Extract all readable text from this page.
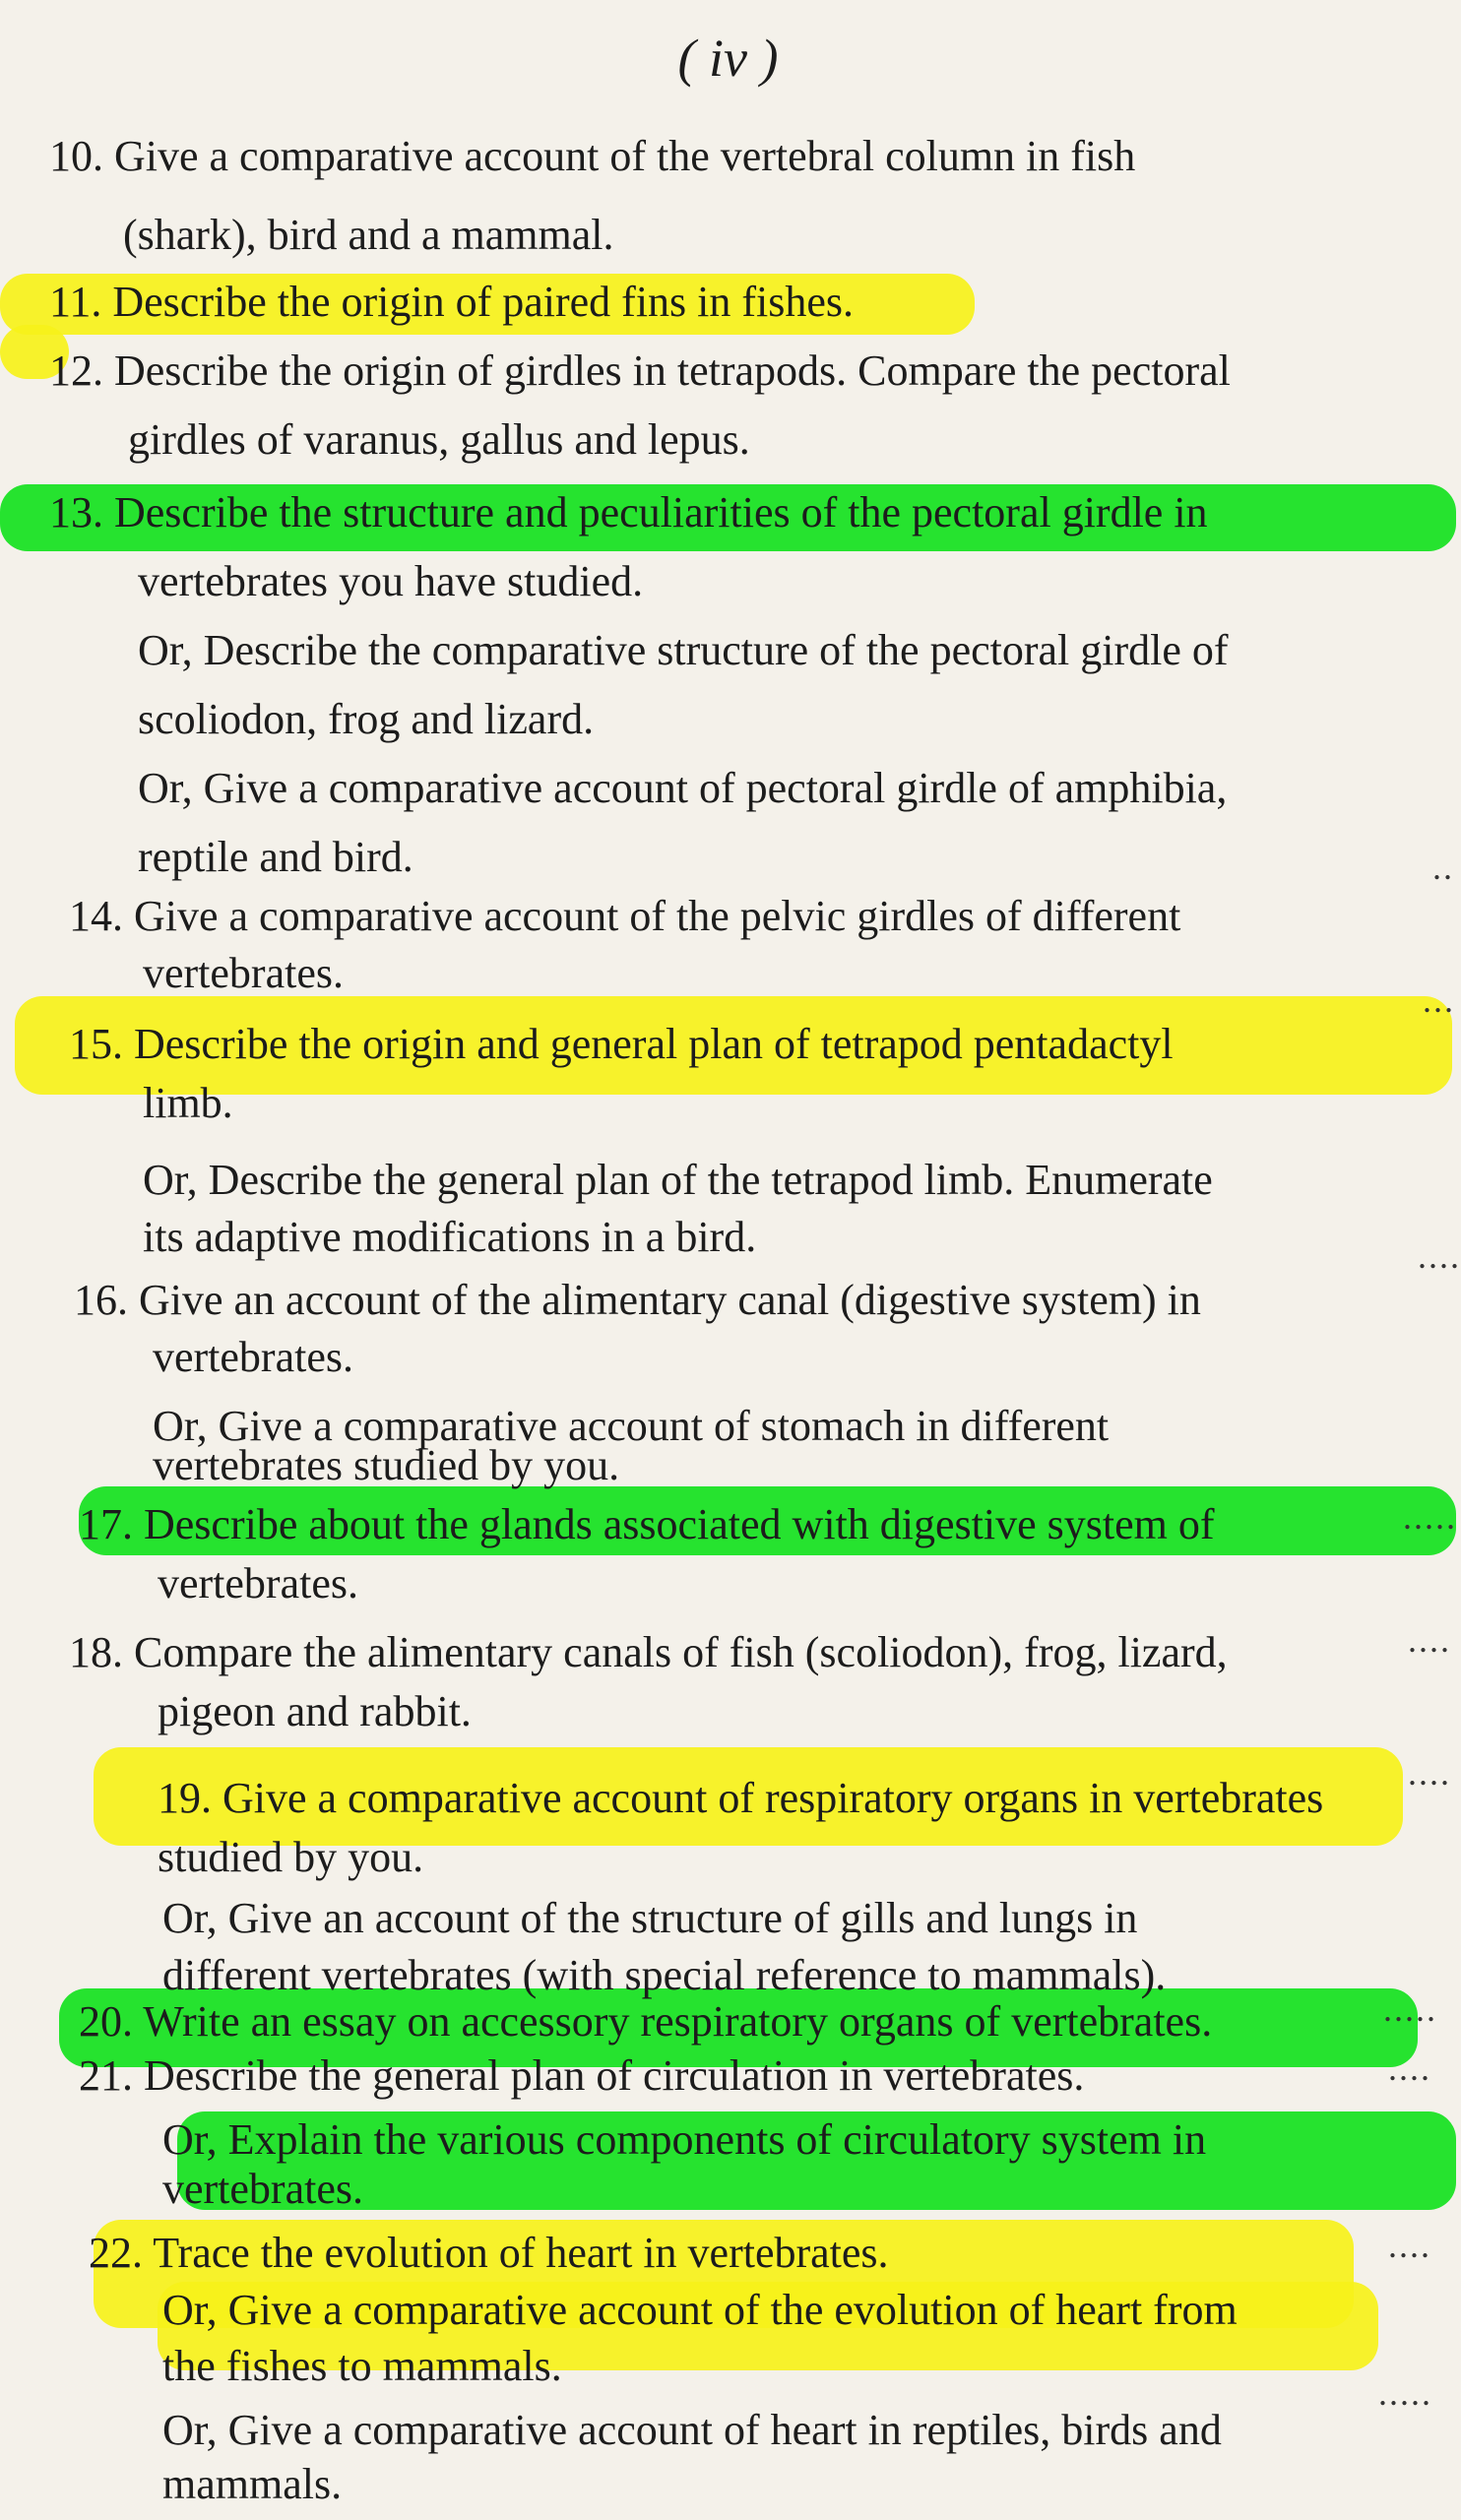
( iv )
10. Give a comparative account of the vertebral column in fish
(shark), bird and a mammal.
11. Describe the origin of paired fins in fishes.
12. Describe the origin of girdles in tetrapods. Compare the pectoral
girdles of varanus, gallus and lepus.
13. Describe the structure and peculiarities of the pectoral girdle in
vertebrates you have studied.
Or, Describe the comparative structure of the pectoral girdle of
scoliodon, frog and lizard.
Or, Give a comparative account of pectoral girdle of amphibia,
reptile and bird.
14. Give a comparative account of the pelvic girdles of different
vertebrates.
15. Describe the origin and general plan of tetrapod pentadactyl
limb.
Or, Describe the general plan of the tetrapod limb. Enumerate
its adaptive modifications in a bird.
16. Give an account of the alimentary canal (digestive system) in
vertebrates.
Or, Give a comparative account of stomach in different
vertebrates studied by you.
17. Describe about the glands associated with digestive system of
vertebrates.
18. Compare the alimentary canals of fish (scoliodon), frog, lizard,
pigeon and rabbit.
19. Give a comparative account of respiratory organs in vertebrates
studied by you.
Or, Give an account of the structure of gills and lungs in
different vertebrates (with special reference to mammals).
20. Write an essay on accessory respiratory organs of vertebrates.
21. Describe the general plan of circulation in vertebrates.
Or, Explain the various components of circulatory system in
vertebrates.
22. Trace the evolution of heart in vertebrates.
Or, Give a comparative account of the evolution of heart from
the fishes to mammals.
Or, Give a comparative account of heart in reptiles, birds and
mammals.
..
...
....
.....
....
....
.....
....
....
.....
